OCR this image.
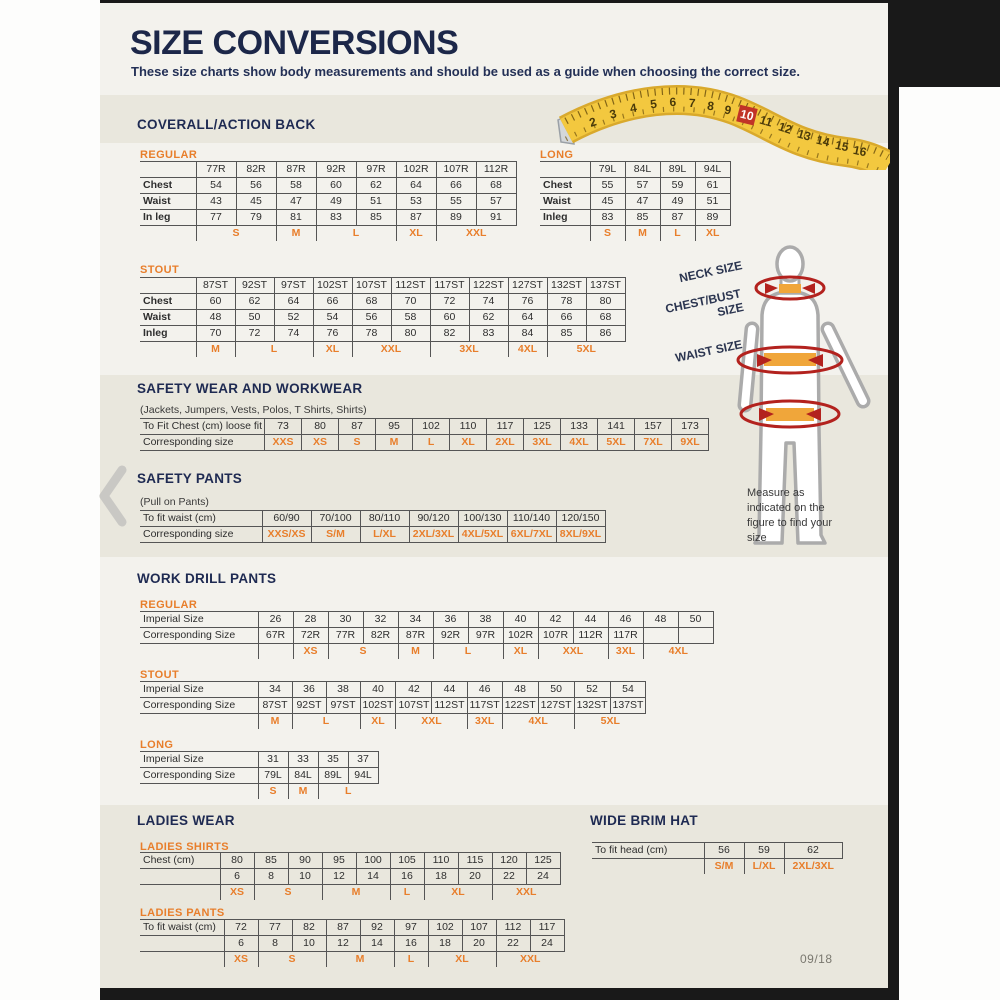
SIZE CONVERSIONS
These size charts show body measurements and should be used as a guide when choosing the correct size.
2
3 4 5 6 7 8 9 10 11 12 13 14 15 16
COVERALL/ACTION BACK
REGULAR
	77R	82R	87R	92R	97R	102R	107R	112R
Chest	54	56	58	60	62	64	66	68
Waist	43	45	47	49	51	53	55	57
In leg	77	79	81	83	85	87	89	91
	S		M	L		XL	XXL	
LONG
	79L	84L	89L	94L
Chest	55	57	59	61
Waist	45	47	49	51
Inleg	83	85	87	89
	S	M	L	XL
STOUT
	87ST	92ST	97ST	102ST	107ST	112ST	117ST	122ST	127ST	132ST	137ST
Chest	60	62	64	66	68	70	72	74	76	78	80
Waist	48	50	52	54	56	58	60	62	64	66	68
Inleg	70	72	74	76	78	80	82	83	84	85	86
	M	L		XL	XXL		3XL		4XL	5XL	
SAFETY WEAR AND WORKWEAR
(Jackets, Jumpers, Vests, Polos, T Shirts, Shirts)
To Fit Chest (cm) loose fit	73	80	87	95	102	110	117	125	133	141	157	173
Corresponding size	XXS	XS	S	M	L	XL	2XL	3XL	4XL	5XL	7XL	9XL
SAFETY PANTS
(Pull on Pants)
To fit waist (cm)	60/90	70/100	80/110	90/120	100/130	110/140	120/150
Corresponding size	XXS/XS	S/M	L/XL	2XL/3XL	4XL/5XL	6XL/7XL	8XL/9XL
WORK DRILL PANTS
REGULAR
Imperial Size	26	28	30	32	34	36	38	40	42	44	46	48	50
Corresponding Size	67R	72R	77R	82R	87R	92R	97R	102R	107R	112R	117R		
		XS	S		M	L		XL	XXL		3XL	4XL	
STOUT
Imperial Size	34	36	38	40	42	44	46	48	50	52	54
Corresponding Size	87ST	92ST	97ST	102ST	107ST	112ST	117ST	122ST	127ST	132ST	137ST
	M	L		XL	XXL		3XL	4XL		5XL	
LONG
Imperial Size	31	33	35	37
Corresponding Size	79L	84L	89L	94L
	S	M	L	
LADIES WEAR
LADIES SHIRTS
Chest (cm)	80	85	90	95	100	105	110	115	120	125
	6	8	10	12	14	16	18	20	22	24
	XS	S		M		L	XL		XXL	
LADIES PANTS
To fit waist (cm)	72	77	82	87	92	97	102	107	112	117
	6	8	10	12	14	16	18	20	22	24
	XS	S		M		L	XL		XXL	
WIDE BRIM HAT
To fit head (cm)	56	59	62
	S/M	L/XL	2XL/3XL
NECK SIZE
CHEST/BUST SIZE
WAIST SIZE
Measure as indicated on the figure to find your size
09/18
